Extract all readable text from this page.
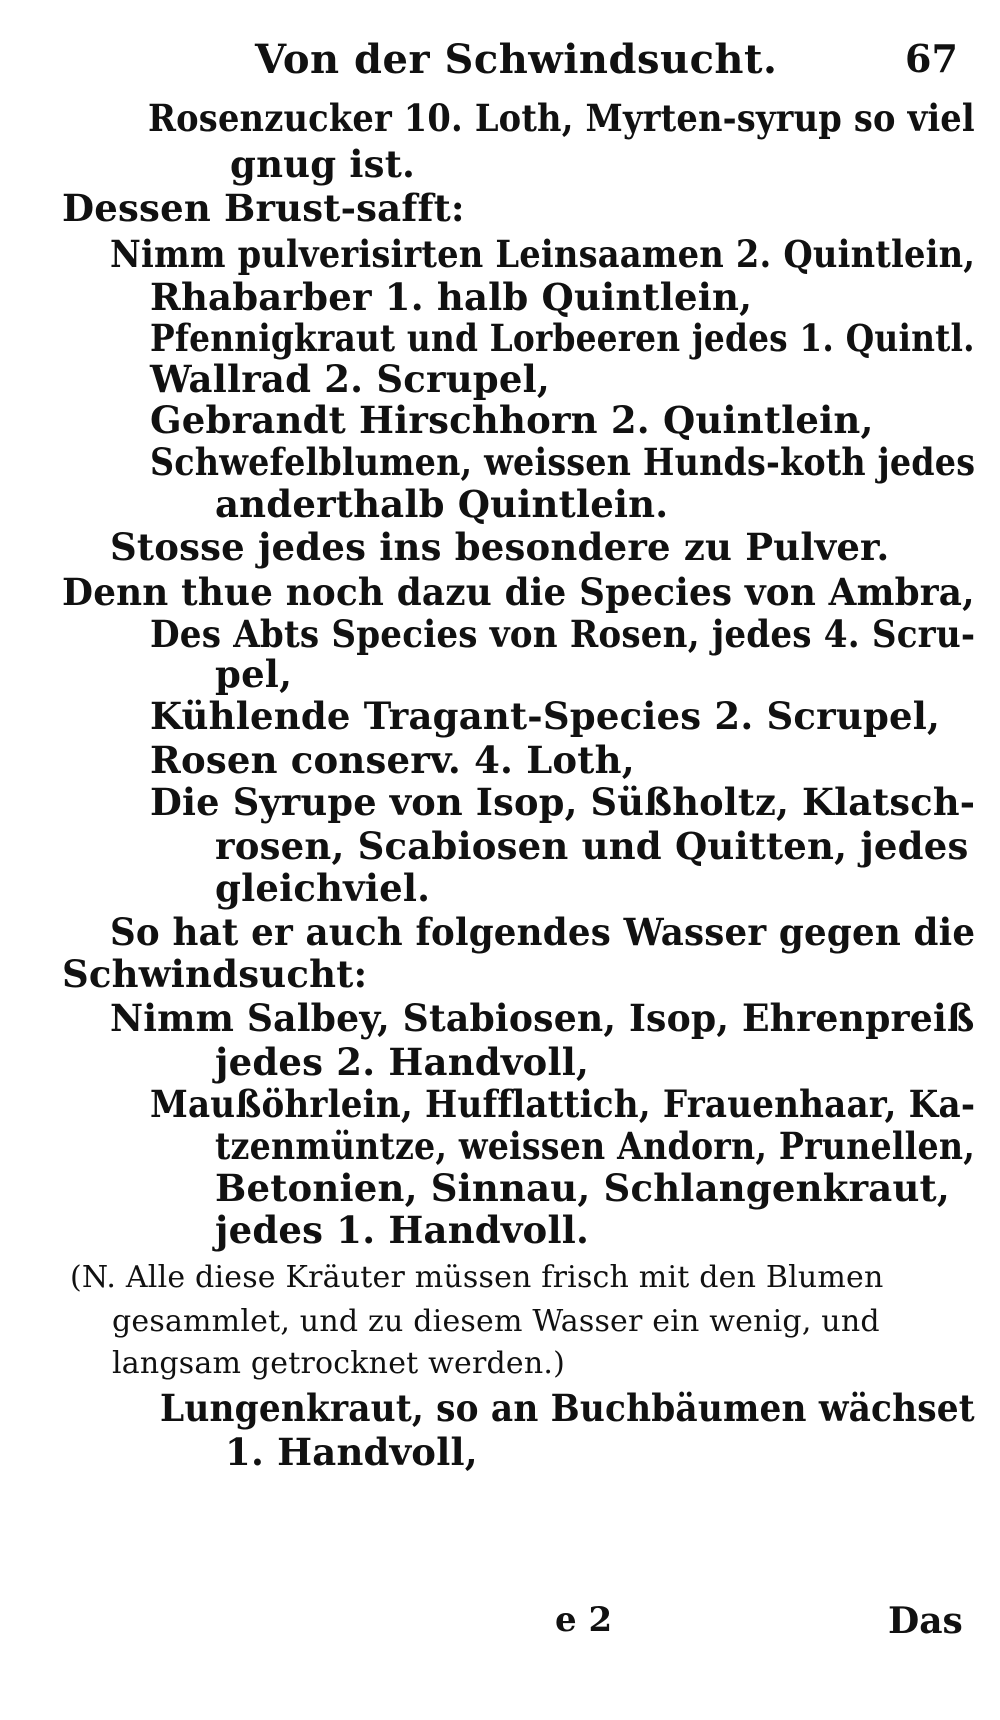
Von der Schwindsucht.	67
Rosenzucker 10. Loth, Myrten-syrup so viel
gnug ist.
Dessen Brust-safft:
Nimm pulverisirten Leinsaamen 2. Quintlein,
Rhabarber 1. halb Quintlein,
Pfennigkraut und Lorbeeren jedes 1. Quintl.
Wallrad 2. Scrupel,
Gebrandt Hirschhorn 2. Quintlein,
Schwefelblumen, weissen Hunds-koth jedes
anderthalb Quintlein.
Stosse jedes ins besondere zu Pulver.
Denn thue noch dazu die Species von Ambra,
Des Abts Species von Rosen, jedes 4. Scru-
pel,
Kühlende Tragant-Species 2. Scrupel,
Rosen conserv. 4. Loth,
Die Syrupe von Isop, Süßholtz, Klatsch-
rosen, Scabiosen und Quitten, jedes
gleichviel.
So hat er auch folgendes Wasser gegen die
Schwindsucht:
Nimm Salbey, Stabiosen, Isop, Ehrenpreiß
jedes 2. Handvoll,
Maußöhrlein, Hufflattich, Frauenhaar, Ka-
tzenmüntze, weissen Andorn, Prunellen,
Betonien, Sinnau, Schlangenkraut,
jedes 1. Handvoll.
(N. Alle diese Kräuter müssen frisch mit den Blumen
gesammlet, und zu diesem Wasser ein wenig, und
langsam getrocknet werden.)
Lungenkraut, so an Buchbäumen wächset
1. Handvoll,
e 2	Das
